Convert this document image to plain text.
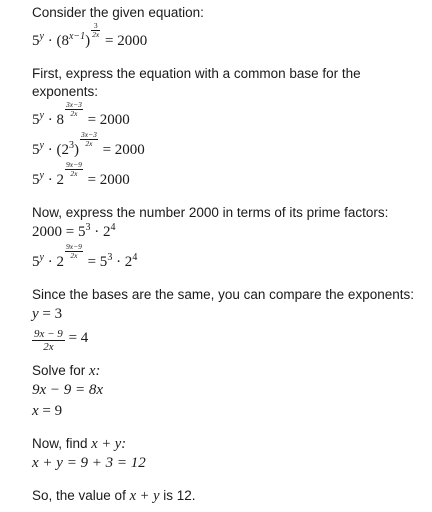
Consider the given equation:

$5^y \cdot (8^{x-1})$
$\frac{3}{2x}$
= 2000

First, express the equation with a common base for the exponents:

$5^y \cdot 8$
$\frac{3x-3}{2x}$
= 2000
$5^y \cdot (2^3)$
$\frac{3x-3}{2x}$
= 2000
$5^y \cdot 2$
$\frac{9x-9}{2x}$
= 2000

Now, express the number 2000 in terms of its prime factors:

$2000 = 5^3 \cdot 2^4$
$5^y \cdot 2$
$\frac{9x-9}{2x}$
= $5^3 \cdot 2^4$

Since the bases are the same, you can compare the exponents:

y = 3
$\frac{9x - 9}{2x} = 4$

Solve for x:

9x − 9 = 8x
x = 9

Now, find x + y:

x + y = 9 + 3 = 12

So, the value of x + y is 12.
